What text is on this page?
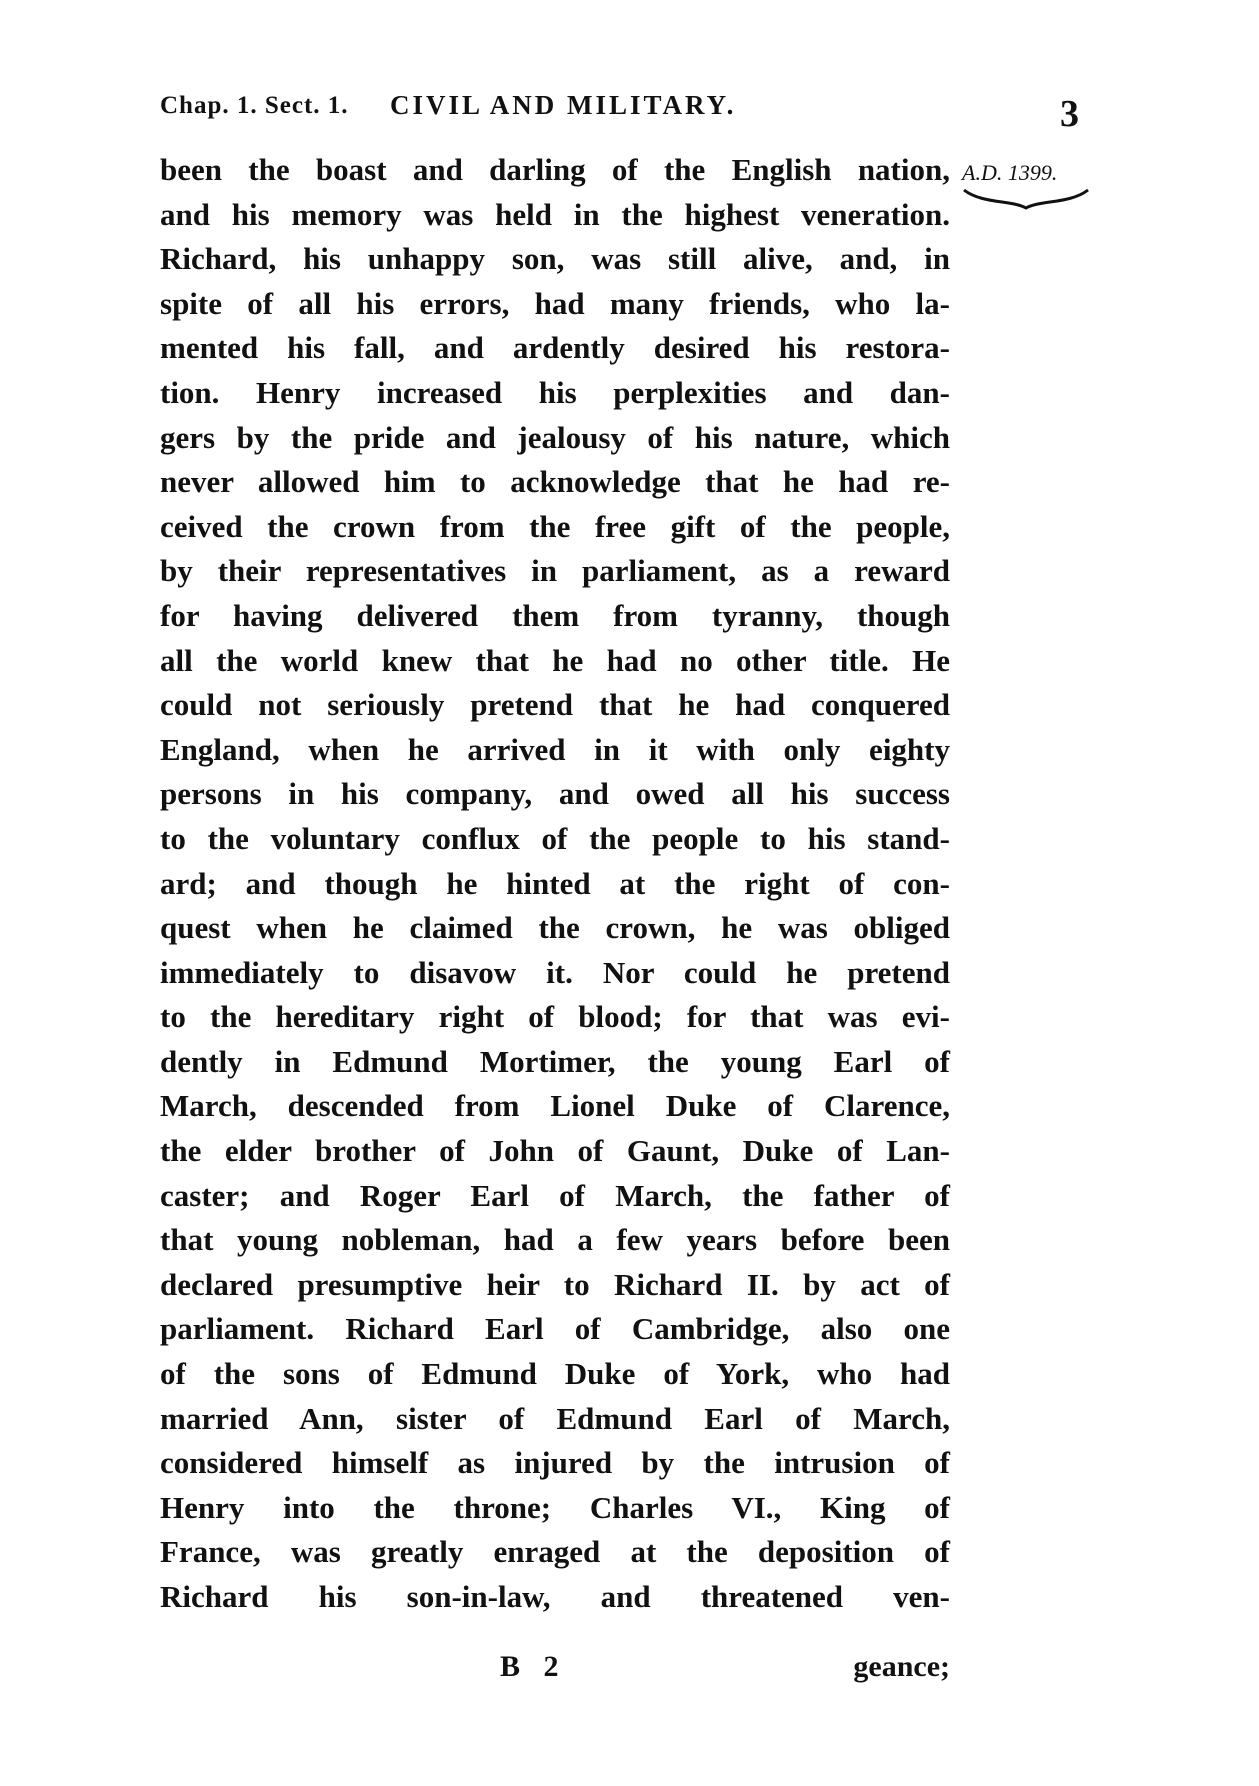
Chap. 1. Sect. 1. CIVIL AND MILITARY.	3
A.D. 1399.
been the boast and darling of the English nation,
and his memory was held in the highest veneration.
Richard, his unhappy son, was still alive, and, in
spite of all his errors, had many friends, who la-
mented his fall, and ardently desired his restora-
tion. Henry increased his perplexities and dan-
gers by the pride and jealousy of his nature, which
never allowed him to acknowledge that he had re-
ceived the crown from the free gift of the people,
by their representatives in parliament, as a reward
for having delivered them from tyranny, though
all the world knew that he had no other title. He
could not seriously pretend that he had conquered
England, when he arrived in it with only eighty
persons in his company, and owed all his success
to the voluntary conflux of the people to his stand-
ard; and though he hinted at the right of con-
quest when he claimed the crown, he was obliged
immediately to disavow it. Nor could he pretend
to the hereditary right of blood; for that was evi-
dently in Edmund Mortimer, the young Earl of
March, descended from Lionel Duke of Clarence,
the elder brother of John of Gaunt, Duke of Lan-
caster; and Roger Earl of March, the father of
that young nobleman, had a few years before been
declared presumptive heir to Richard II. by act of
parliament. Richard Earl of Cambridge, also one
of the sons of Edmund Duke of York, who had
married Ann, sister of Edmund Earl of March,
considered himself as injured by the intrusion of
Henry into the throne; Charles VI., King of
France, was greatly enraged at the deposition of
Richard his son-in-law, and threatened ven-
B 2	geance;
